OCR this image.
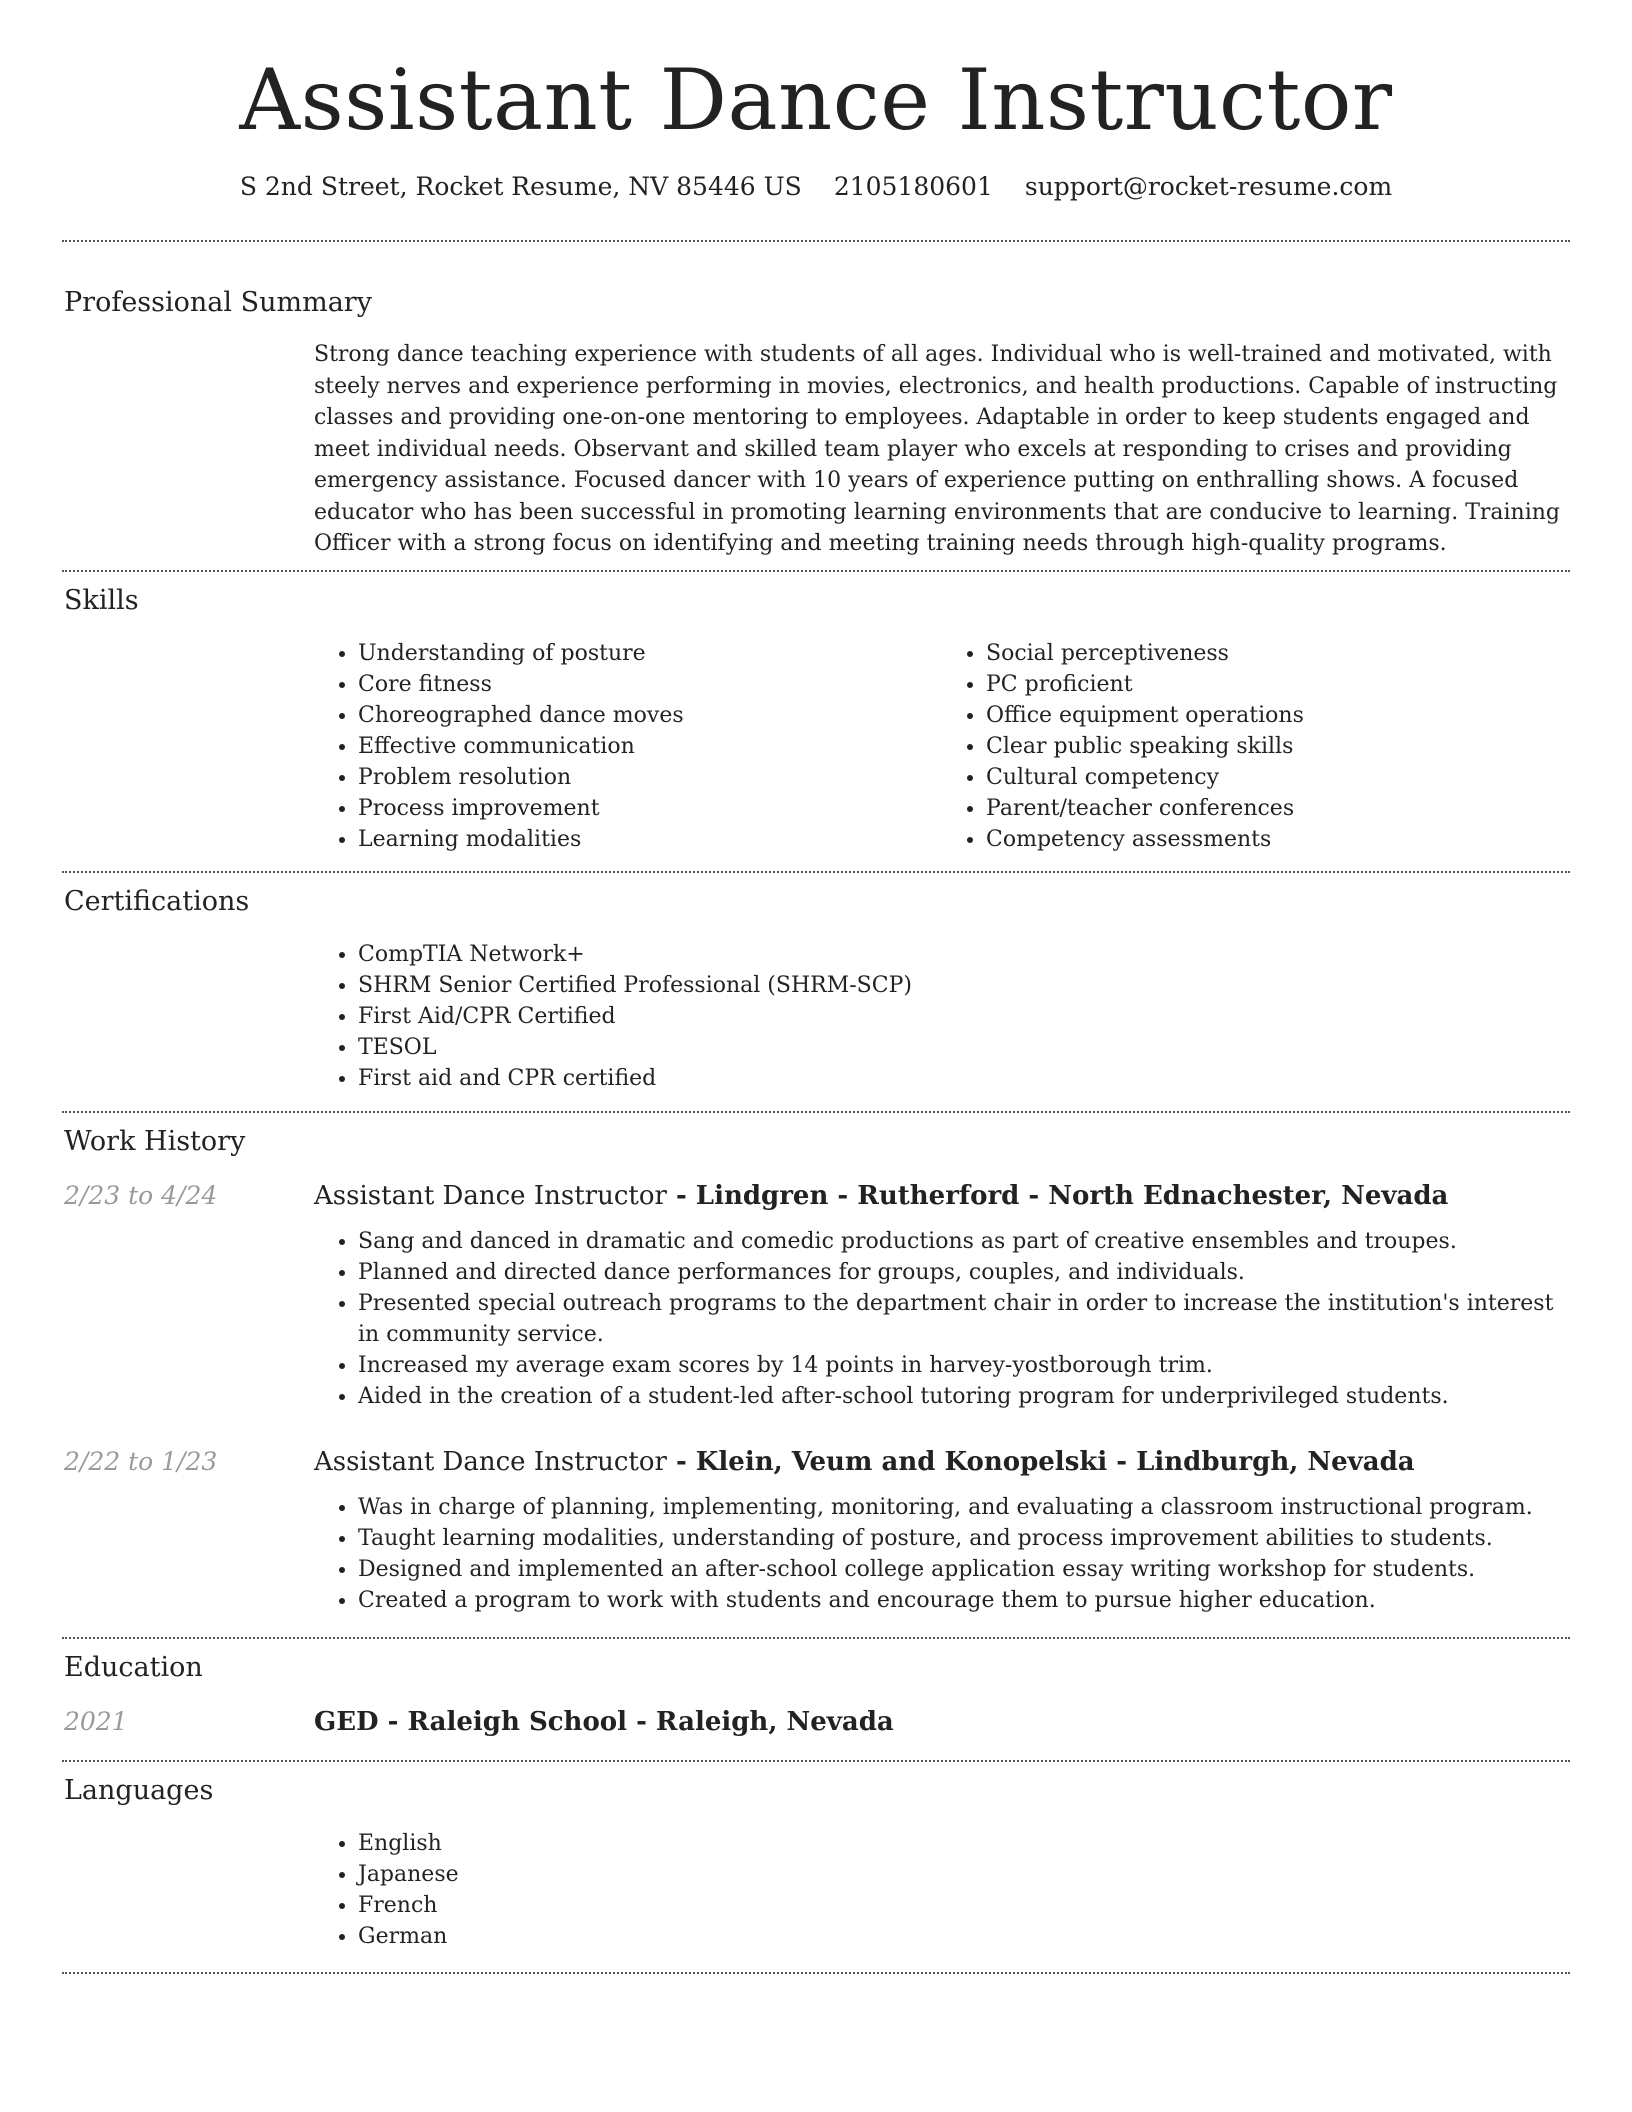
Assistant Dance Instructor
S 2nd Street, Rocket Resume, NV 85446 US 2105180601 support@rocket-resume.com
Professional Summary

Strong dance teaching experience with students of all ages. Individual who is well-trained and motivated, with steely nerves and experience performing in movies, electronics, and health productions. Capable of instructing classes and providing one-on-one mentoring to employees. Adaptable in order to keep students engaged and meet individual needs. Observant and skilled team player who excels at responding to crises and providing emergency assistance. Focused dancer with 10 years of experience putting on enthralling shows. A focused educator who has been successful in promoting learning environments that are conducive to learning. Training Officer with a strong focus on identifying and meeting training needs through high-quality programs.

Skills
• Understanding of posture
• Core fitness
• Choreographed dance moves
• Effective communication
• Problem resolution
• Process improvement
• Learning modalities
• Social perceptiveness
• PC proficient
• Office equipment operations
• Clear public speaking skills
• Cultural competency
• Parent/teacher conferences
• Competency assessments
Certifications
• CompTIA Network+
• SHRM Senior Certified Professional (SHRM-SCP)
• First Aid/CPR Certified
• TESOL
• First aid and CPR certified
Work History
2/23 to 4/24	Assistant Dance Instructor - Lindgren - Rutherford - North Ednachester, Nevada
• Sang and danced in dramatic and comedic productions as part of creative ensembles and troupes.
• Planned and directed dance performances for groups, couples, and individuals.
• Presented special outreach programs to the department chair in order to increase the institution's interest in community service.
• Increased my average exam scores by 14 points in harvey-yostborough trim.
• Aided in the creation of a student-led after-school tutoring program for underprivileged students.
2/22 to 1/23	Assistant Dance Instructor - Klein, Veum and Konopelski - Lindburgh, Nevada
• Was in charge of planning, implementing, monitoring, and evaluating a classroom instructional program.
• Taught learning modalities, understanding of posture, and process improvement abilities to students.
• Designed and implemented an after-school college application essay writing workshop for students.
• Created a program to work with students and encourage them to pursue higher education.
Education
2021	GED - Raleigh School - Raleigh, Nevada
Languages
• English
• Japanese
• French
• German
